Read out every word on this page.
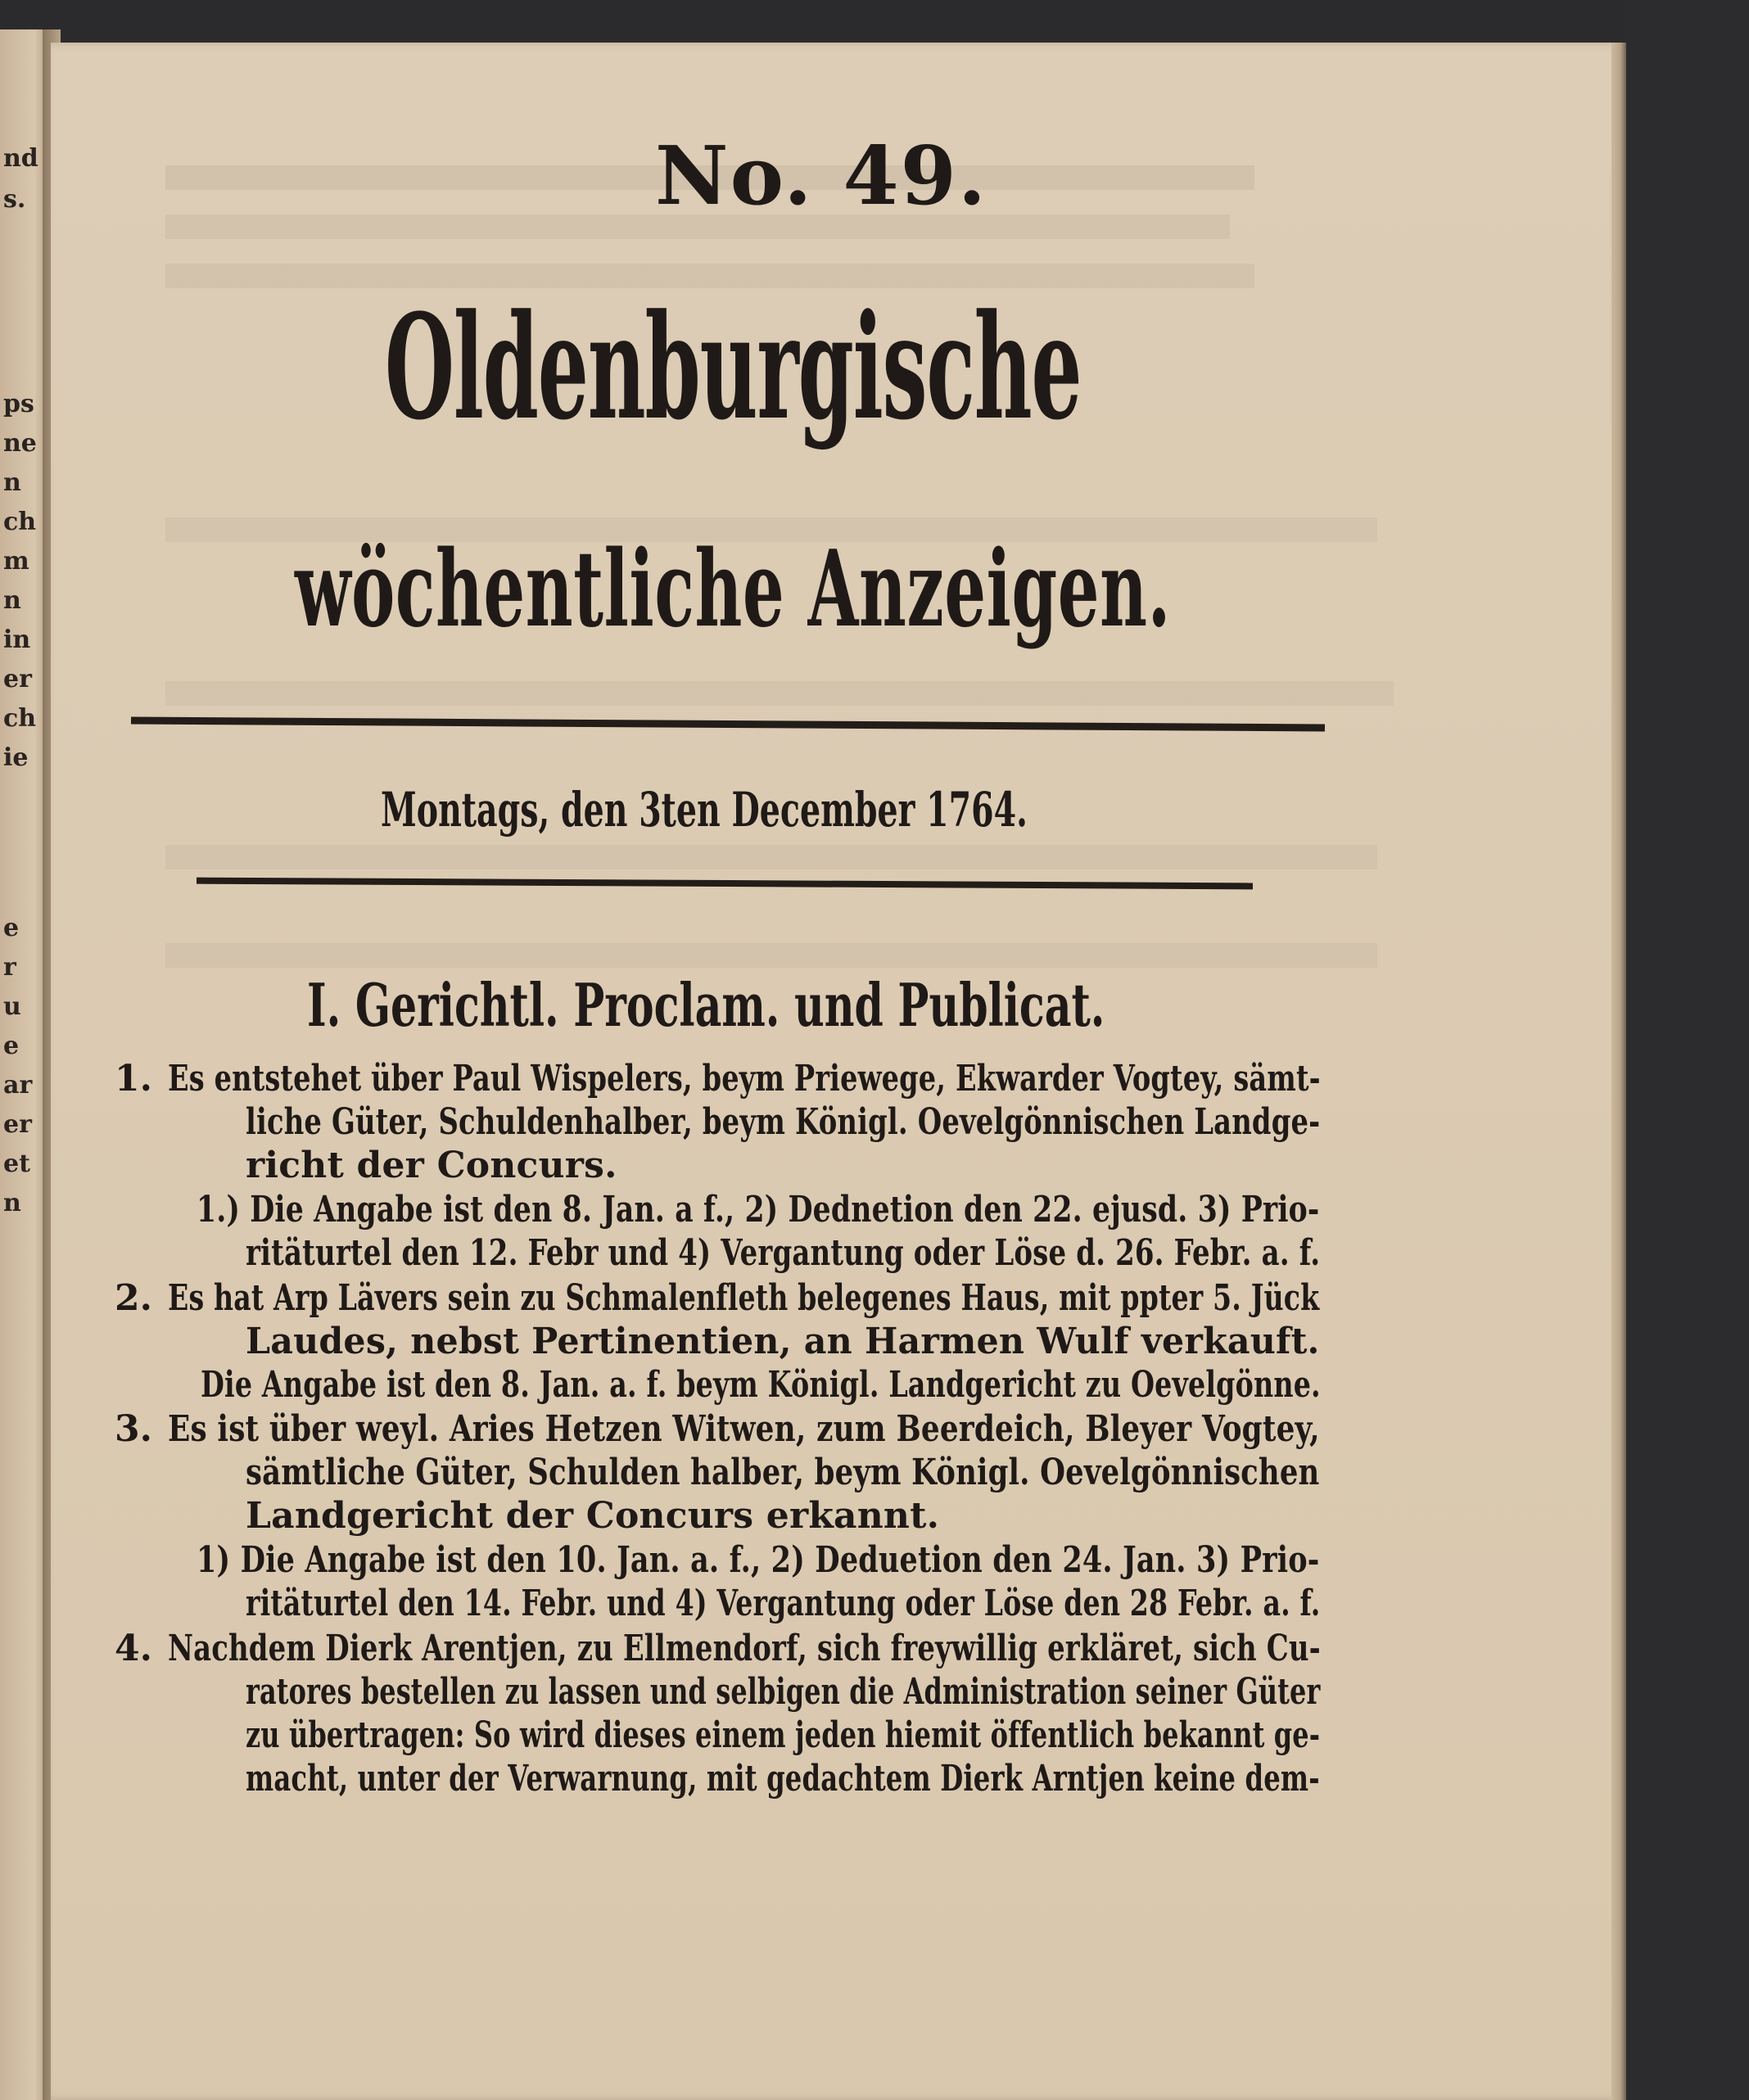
nd
s.
ps
ne
n
ch
m
n
in
er
ch
ie
e
r
u
e
ar
er
et
n
No. 49.
Oldenburgische
wöchentliche Anzeigen.
Montags, den 3ten December 1764.
I. Gerichtl. Proclam. und Publicat.
1. Es entstehet über Paul Wispelers, beym Priewege, Ekwarder Vogtey, sämt-
liche Güter, Schuldenhalber, beym Königl. Oevelgönnischen Landge-
richt der Concurs.
1.) Die Angabe ist den 8. Jan. a f., 2) Dednetion den 22. ejusd. 3) Prio-
ritäturtel den 12. Febr und 4) Vergantung oder Löse d. 26. Febr. a. f.
2. Es hat Arp Lävers sein zu Schmalenfleth belegenes Haus, mit ppter 5. Jück
Laudes, nebst Pertinentien, an Harmen Wulf verkauft.
Die Angabe ist den 8. Jan. a. f. beym Königl. Landgericht zu Oevelgönne.
3. Es ist über weyl. Aries Hetzen Witwen, zum Beerdeich, Bleyer Vogtey,
sämtliche Güter, Schulden halber, beym Königl. Oevelgönnischen
Landgericht der Concurs erkannt.
1) Die Angabe ist den 10. Jan. a. f., 2) Deduetion den 24. Jan. 3) Prio-
ritäturtel den 14. Febr. und 4) Vergantung oder Löse den 28 Febr. a. f.
4. Nachdem Dierk Arentjen, zu Ellmendorf, sich freywillig erkläret, sich Cu-
ratores bestellen zu lassen und selbigen die Administration seiner Güter
zu übertragen: So wird dieses einem jeden hiemit öffentlich bekannt ge-
macht, unter der Verwarnung, mit gedachtem Dierk Arntjen keine dem-
